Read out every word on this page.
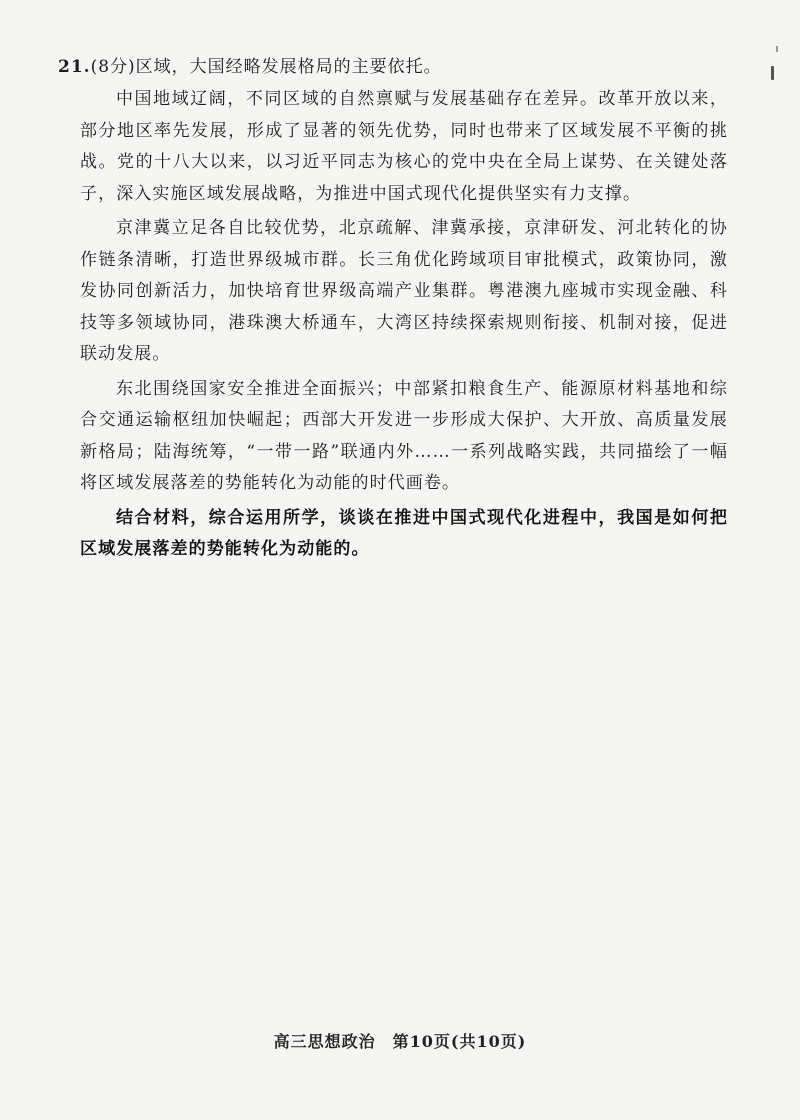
21.(8分)区域，大国经略发展格局的主要依托。

中国地域辽阔，不同区域的自然禀赋与发展基础存在差异。改革开放以来，部分地区率先发展，形成了显著的领先优势，同时也带来了区域发展不平衡的挑战。党的十八大以来，以习近平同志为核心的党中央在全局上谋势、在关键处落子，深入实施区域发展战略，为推进中国式现代化提供坚实有力支撑。

京津冀立足各自比较优势，北京疏解、津冀承接，京津研发、河北转化的协作链条清晰，打造世界级城市群。长三角优化跨域项目审批模式，政策协同，激发协同创新活力，加快培育世界级高端产业集群。粤港澳九座城市实现金融、科技等多领域协同，港珠澳大桥通车，大湾区持续探索规则衔接、机制对接，促进联动发展。

东北围绕国家安全推进全面振兴；中部紧扣粮食生产、能源原材料基地和综合交通运输枢纽加快崛起；西部大开发进一步形成大保护、大开放、高质量发展新格局；陆海统筹，“一带一路”联通内外……一系列战略实践，共同描绘了一幅将区域发展落差的势能转化为动能的时代画卷。

结合材料，综合运用所学，谈谈在推进中国式现代化进程中，我国是如何把区域发展落差的势能转化为动能的。

高三思想政治　第10页(共10页)
